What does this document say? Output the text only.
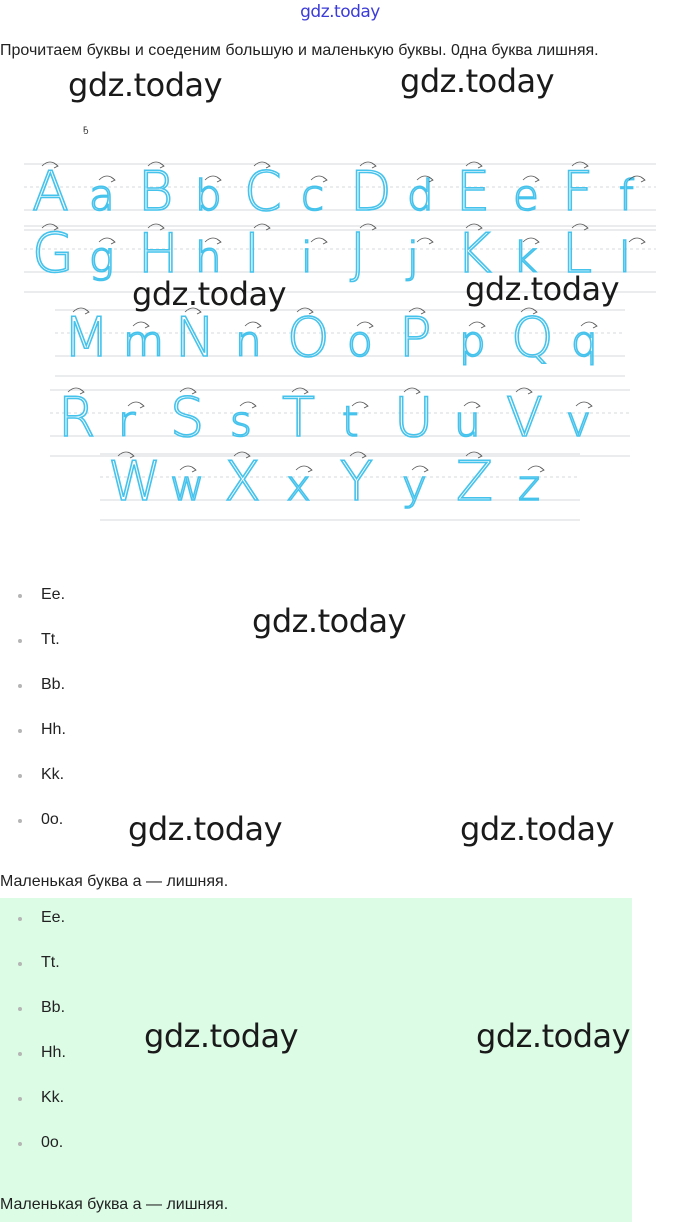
gdz.today
Прочитаем буквы и соеденим большую и маленькую буквы. 0дна буква лишняя.
A a B b C c D d E e F f
G g H h I i J j K k L l
M m N n O o P p Q q
R r S s T t U u V v
W w X x Y y Z z
ҕ
Ee.
Tt.
Bb.
Hh.
Kk.
0o.
Маленькая буква а — лишняя.
Ee.
Tt.
Bb.
Hh.
Kk.
0o.
Маленькая буква а — лишняя.
gdz.today	gdz.today
gdz.today	gdz.today
gdz.today
gdz.today	gdz.today
gdz.today	gdz.today
